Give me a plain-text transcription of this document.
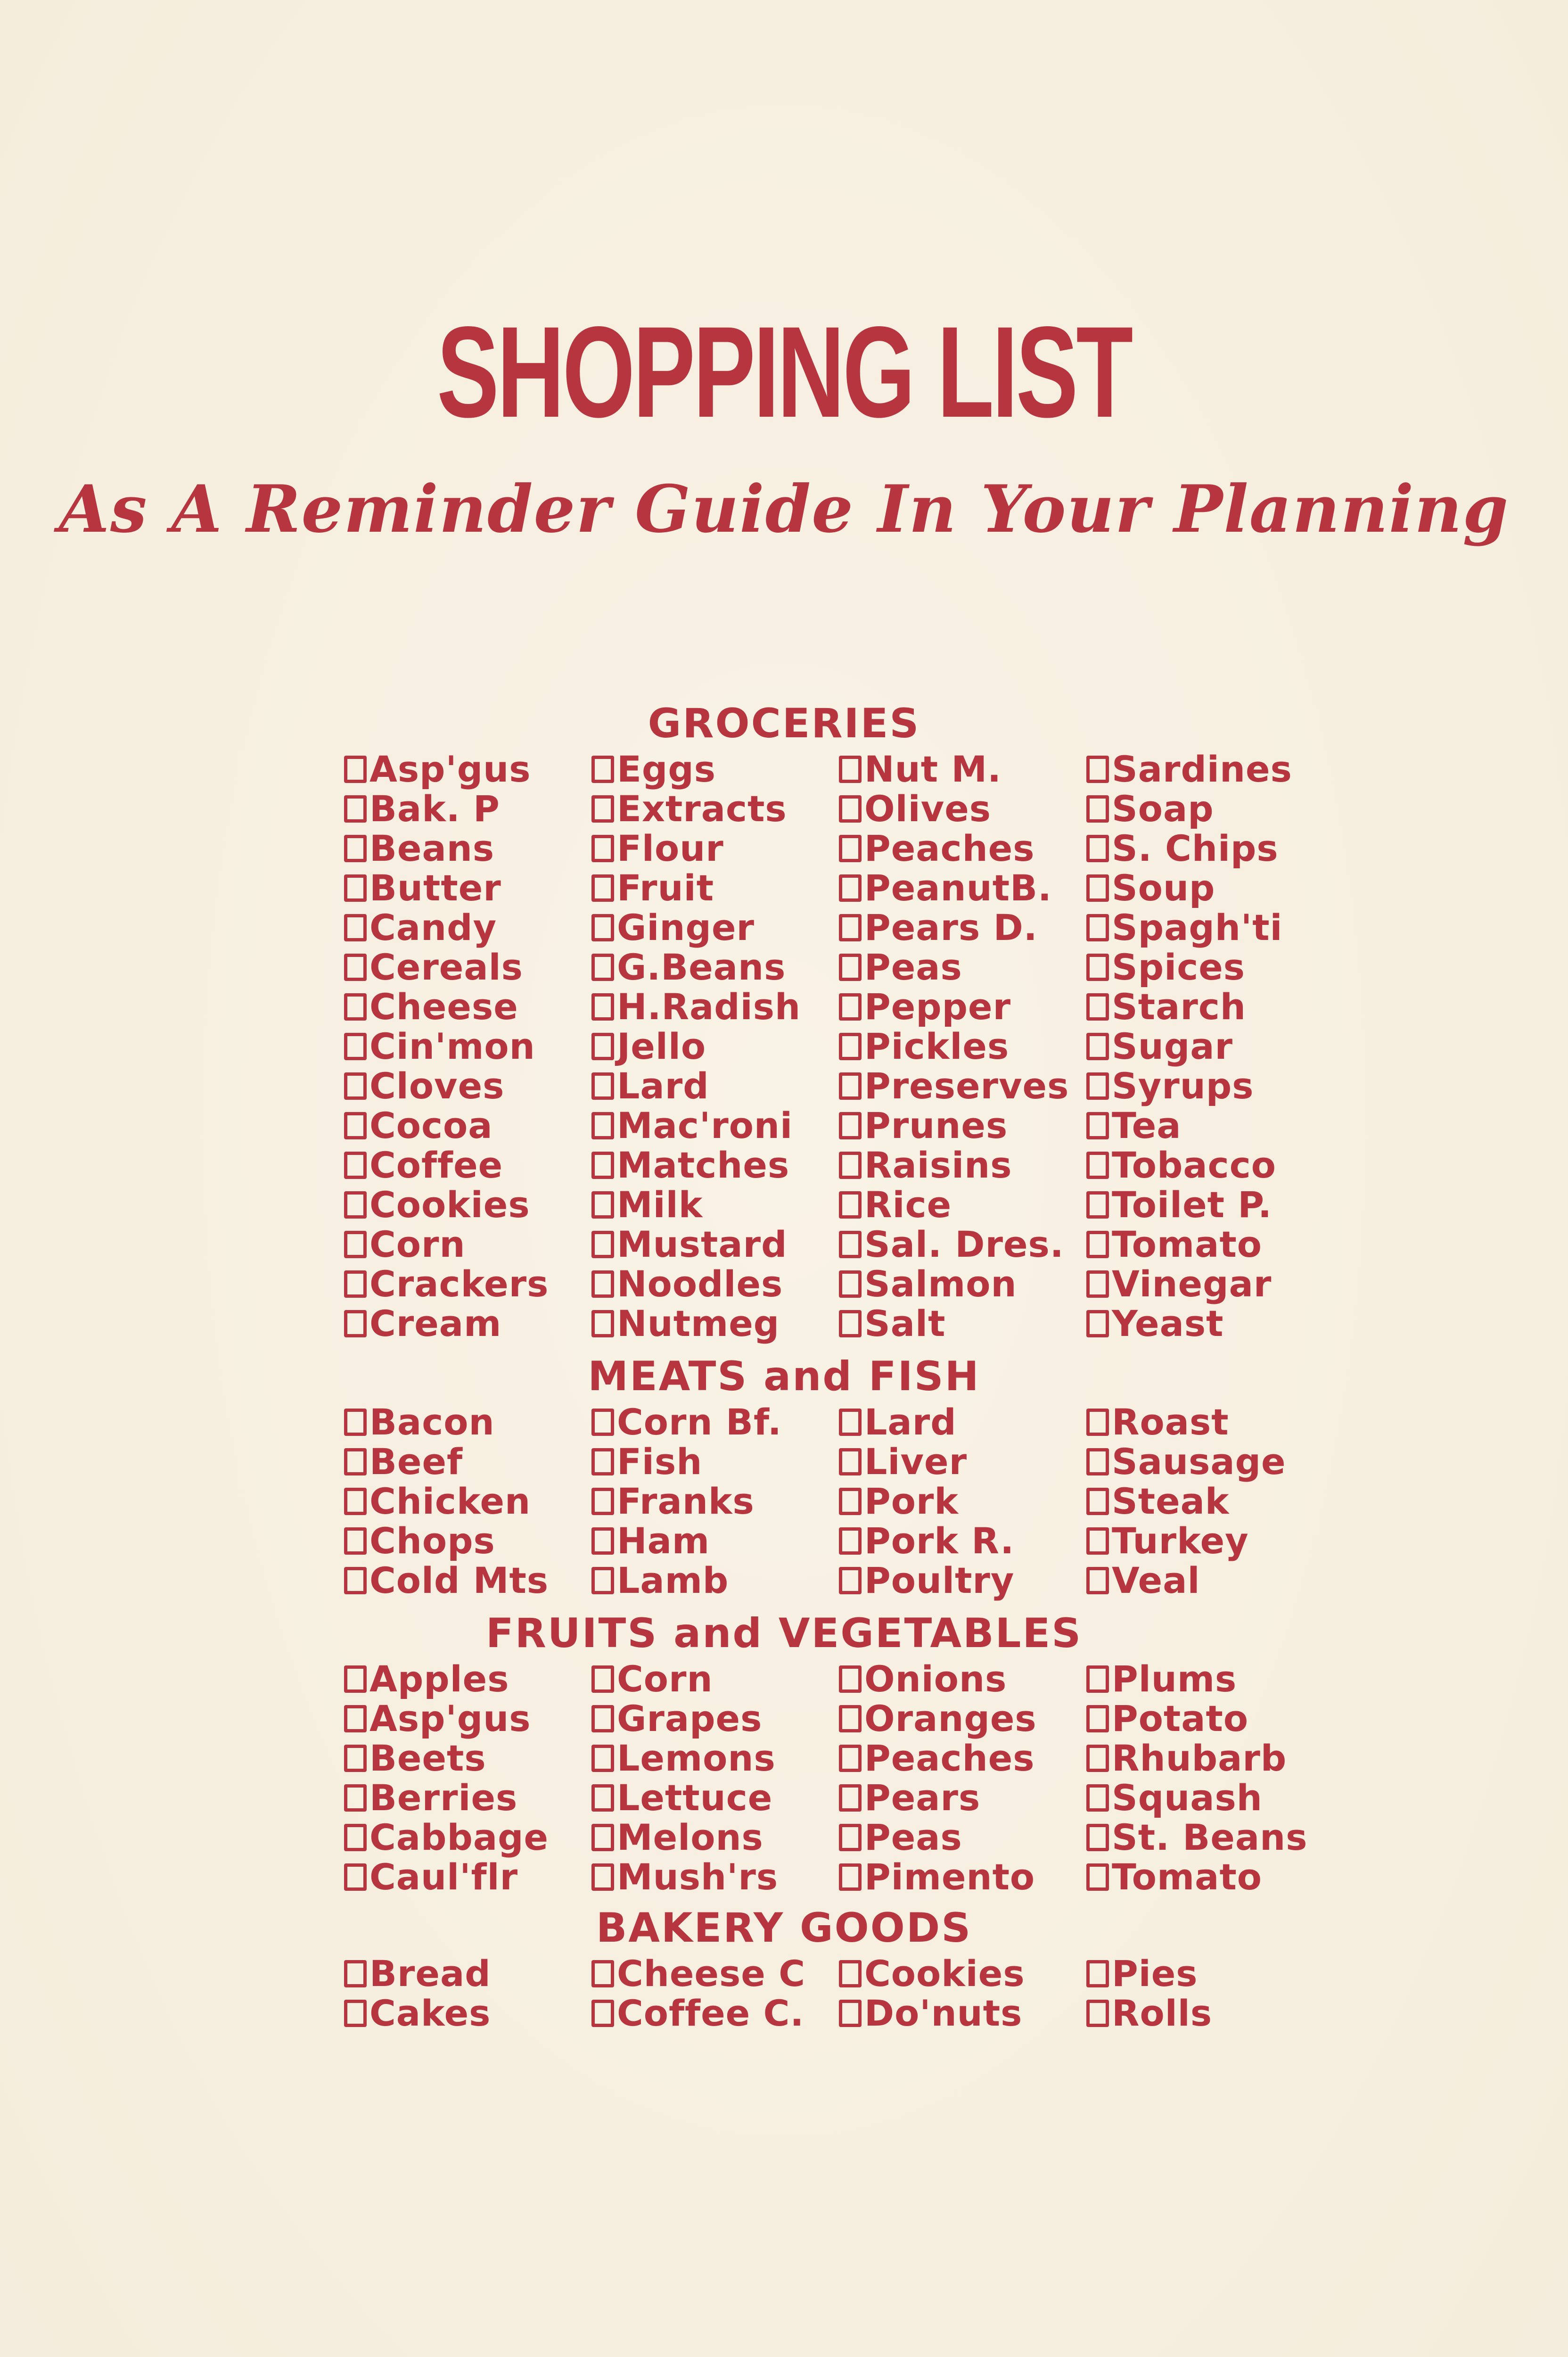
SHOPPING LIST
As A Reminder Guide In Your Planning
GROCERIES
Asp'gus
Bak. P
Beans
Butter
Candy
Cereals
Cheese
Cin'mon
Cloves
Cocoa
Coffee
Cookies
Corn
Crackers
Cream
Eggs
Extracts
Flour
Fruit
Ginger
G.Beans
H.Radish
Jello
Lard
Mac'roni
Matches
Milk
Mustard
Noodles
Nutmeg
Nut M.
Olives
Peaches
PeanutB.
Pears D.
Peas
Pepper
Pickles
Preserves
Prunes
Raisins
Rice
Sal. Dres.
Salmon
Salt
Sardines
Soap
S. Chips
Soup
Spagh'ti
Spices
Starch
Sugar
Syrups
Tea
Tobacco
Toilet P.
Tomato
Vinegar
Yeast
MEATS and FISH
Bacon
Beef
Chicken
Chops
Cold Mts
Corn Bf.
Fish
Franks
Ham
Lamb
Lard
Liver
Pork
Pork R.
Poultry
Roast
Sausage
Steak
Turkey
Veal
FRUITS and VEGETABLES
Apples
Asp'gus
Beets
Berries
Cabbage
Caul'flr
Corn
Grapes
Lemons
Lettuce
Melons
Mush'rs
Onions
Oranges
Peaches
Pears
Peas
Pimento
Plums
Potato
Rhubarb
Squash
St. Beans
Tomato
BAKERY GOODS
Bread
Cakes
Cheese C
Coffee C.
Cookies
Do'nuts
Pies
Rolls
